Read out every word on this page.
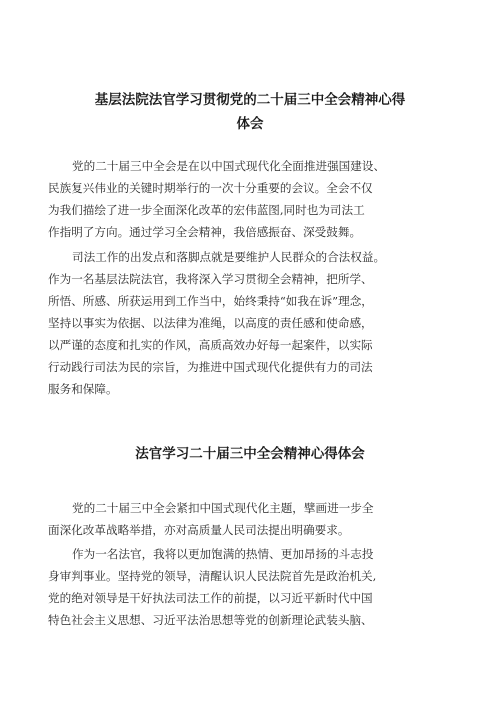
基层法院法官学习贯彻党的二十届三中全会精神心得
体会
党的二十届三中全会是在以中国式现代化全面推进强国建设、
民族复兴伟业的关键时期举行的一次十分重要的会议。全会不仅
为我们描绘了进一步全面深化改革的宏伟蓝图,同时也为司法工
作指明了方向。通过学习全会精神，我倍感振奋、深受鼓舞。
司法工作的出发点和落脚点就是要维护人民群众的合法权益。
作为一名基层法院法官，我将深入学习贯彻全会精神，把所学、
所悟、所感、所获运用到工作当中，始终秉持“如我在诉”理念，
坚持以事实为依据、以法律为准绳，以高度的责任感和使命感，
以严谨的态度和扎实的作风，高质高效办好每一起案件，以实际
行动践行司法为民的宗旨，为推进中国式现代化提供有力的司法
服务和保障。
法官学习二十届三中全会精神心得体会
党的二十届三中全会紧扣中国式现代化主题，擘画进一步全
面深化改革战略举措，亦对高质量人民司法提出明确要求。
作为一名法官，我将以更加饱满的热情、更加昂扬的斗志投
身审判事业。坚持党的领导，清醒认识人民法院首先是政治机关,
党的绝对领导是干好执法司法工作的前提，以习近平新时代中国
特色社会主义思想、习近平法治思想等党的创新理论武装头脑、
